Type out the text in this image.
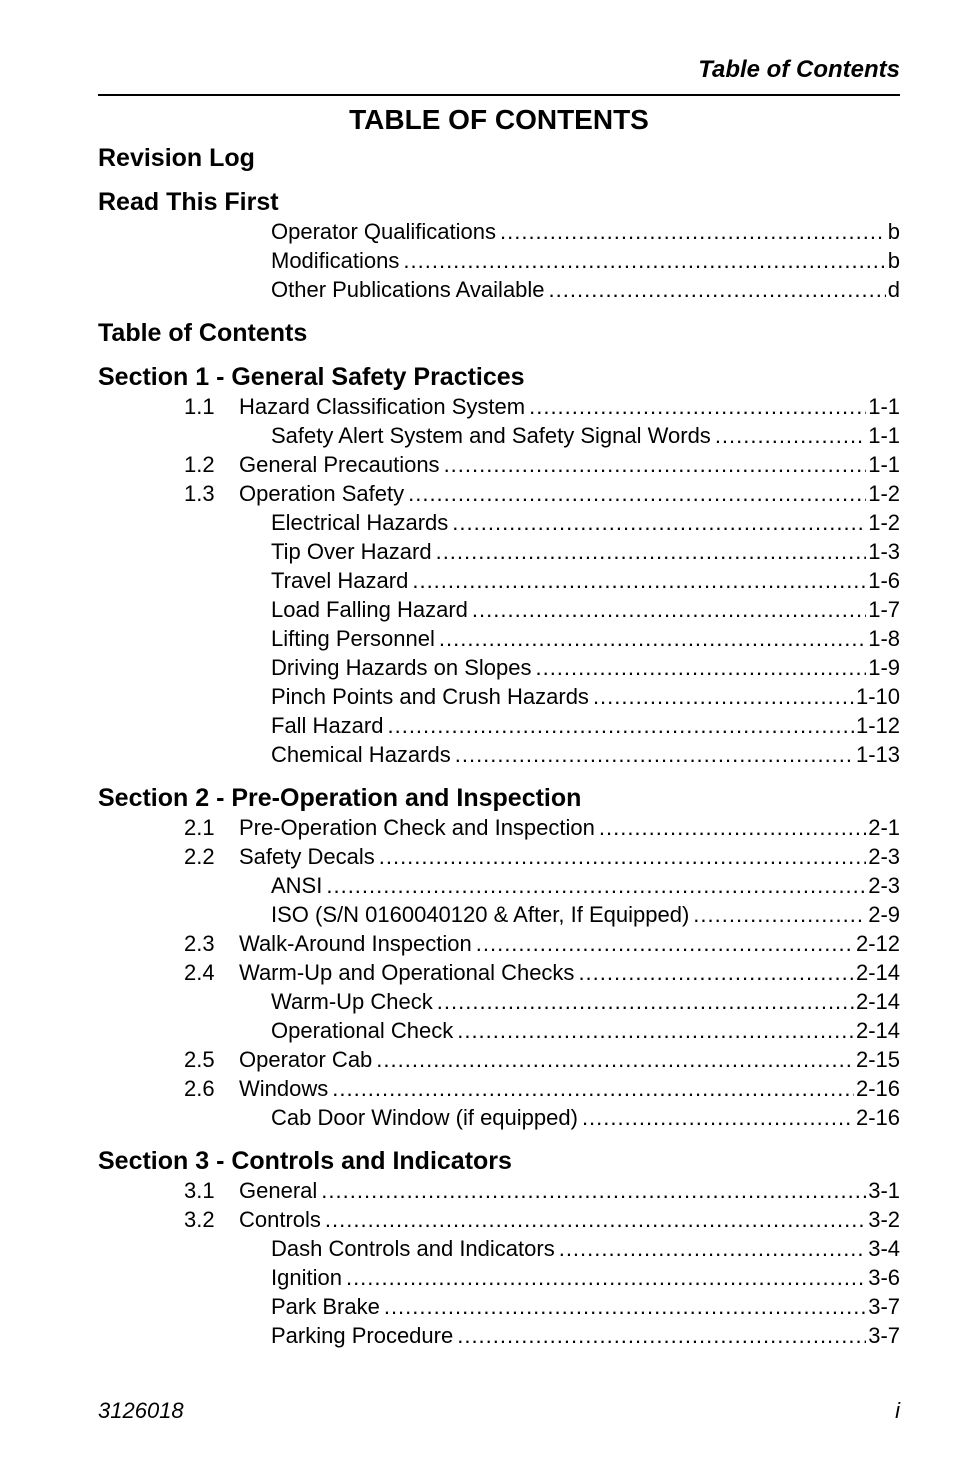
Table of Contents
TABLE OF CONTENTS
Revision Log
Read This First
Operator Qualifications .....	b
Modifications .....	b
Other Publications Available .....	d
Table of Contents
Section 1 - General Safety Practices
1.1	Hazard Classification System .....	1-1
Safety Alert System and Safety Signal Words .....	1-1
1.2	General Precautions .....	1-1
1.3	Operation Safety .....	1-2
Electrical Hazards .....	1-2
Tip Over Hazard .....	1-3
Travel Hazard .....	1-6
Load Falling Hazard .....	1-7
Lifting Personnel .....	1-8
Driving Hazards on Slopes .....	1-9
Pinch Points and Crush Hazards .....	1-10
Fall Hazard .....	1-12
Chemical Hazards .....	1-13
Section 2 - Pre-Operation and Inspection
2.1	Pre-Operation Check and Inspection .....	2-1
2.2	Safety Decals .....	2-3
ANSI .....	2-3
ISO (S/N 0160040120 & After, If Equipped) .....	2-9
2.3	Walk-Around Inspection .....	2-12
2.4	Warm-Up and Operational Checks .....	2-14
Warm-Up Check .....	2-14
Operational Check .....	2-14
2.5	Operator Cab .....	2-15
2.6	Windows .....	2-16
Cab Door Window (if equipped) .....	2-16
Section 3 - Controls and Indicators
3.1	General .....	3-1
3.2	Controls .....	3-2
Dash Controls and Indicators .....	3-4
Ignition .....	3-6
Park Brake .....	3-7
Parking Procedure .....	3-7
3126018	i
